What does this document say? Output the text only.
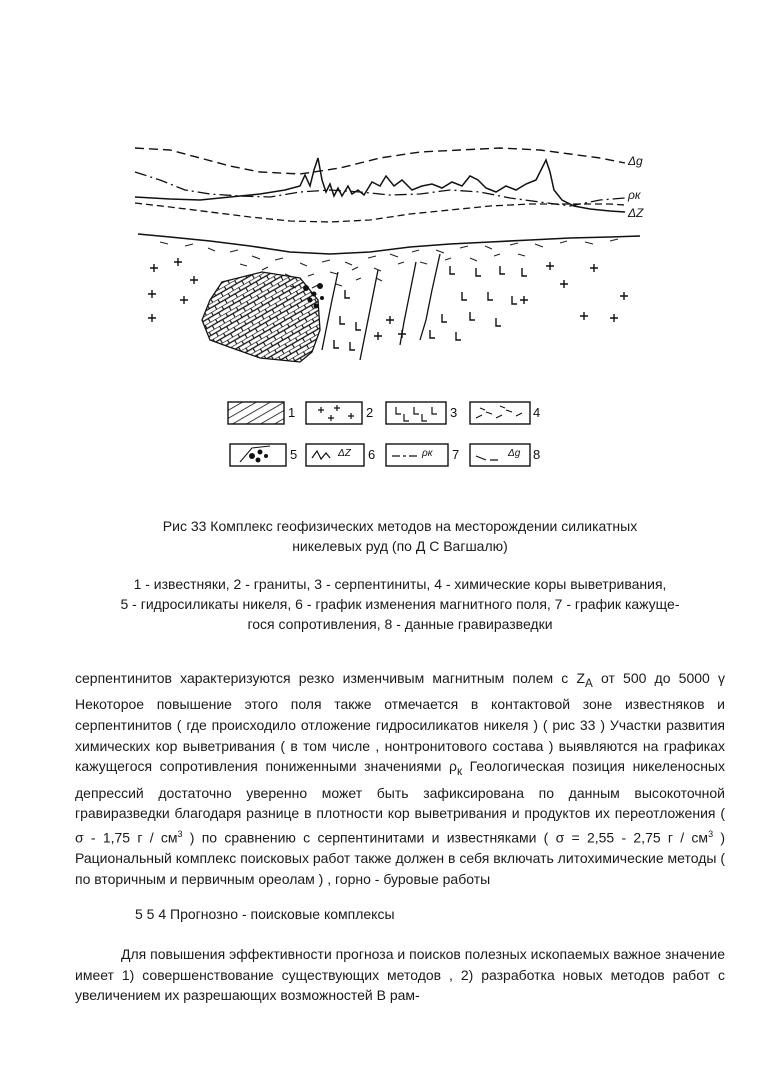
Δg
ρк
ΔZ
1	2	3	4
5	6	7	8
ΔZ	ρк	Δg
Рис 33 Комплекс геофизических методов на месторождении силикатных
никелевых руд (по Д С Вагшалю)
1 - известняки, 2 - граниты, 3 - серпентиниты, 4 - химические коры выветривания,
5 - гидросиликаты никеля, 6 - график изменения магнитного поля, 7 - график кажуще-
гося сопротивления, 8 - данные гравиразведки
серпентинитов характеризуются резко изменчивым магнитным полем с $Z_A$ от 500 до 5000 γ Некоторое повышение этого поля также отмечается в контактовой зоне известняков и серпентинитов ( где происходило отложение гидросиликатов никеля ) ( рис 33 ) Участки развития химических кор выветривания ( в том числе , нонтронитового состава ) выявляются на графиках кажущегося сопротивления пониженными значениями $\rho_к$ Геологическая позиция никеленосных депрессий достаточно уверенно может быть зафиксирована по данным высокоточной гравиразведки благодаря разнице в плотности кор выветривания и продуктов их переотложения ( σ - 1,75 г / $см^3$ ) по сравнению с серпентинитами и известняками ( σ = 2,55 - 2,75 г / $см^3$ ) Рациональный комплекс поисковых работ также должен в себя включать литохимические методы ( по вторичным и первичным ореолам ) , горно - буровые работы
5 5 4 Прогнозно - поисковые комплексы
Для повышения эффективности прогноза и поисков полезных ископаемых важное значение имеет 1) совершенствование существующих методов , 2) разработка новых методов работ с увеличением их разрешающих возможностей В рам-
